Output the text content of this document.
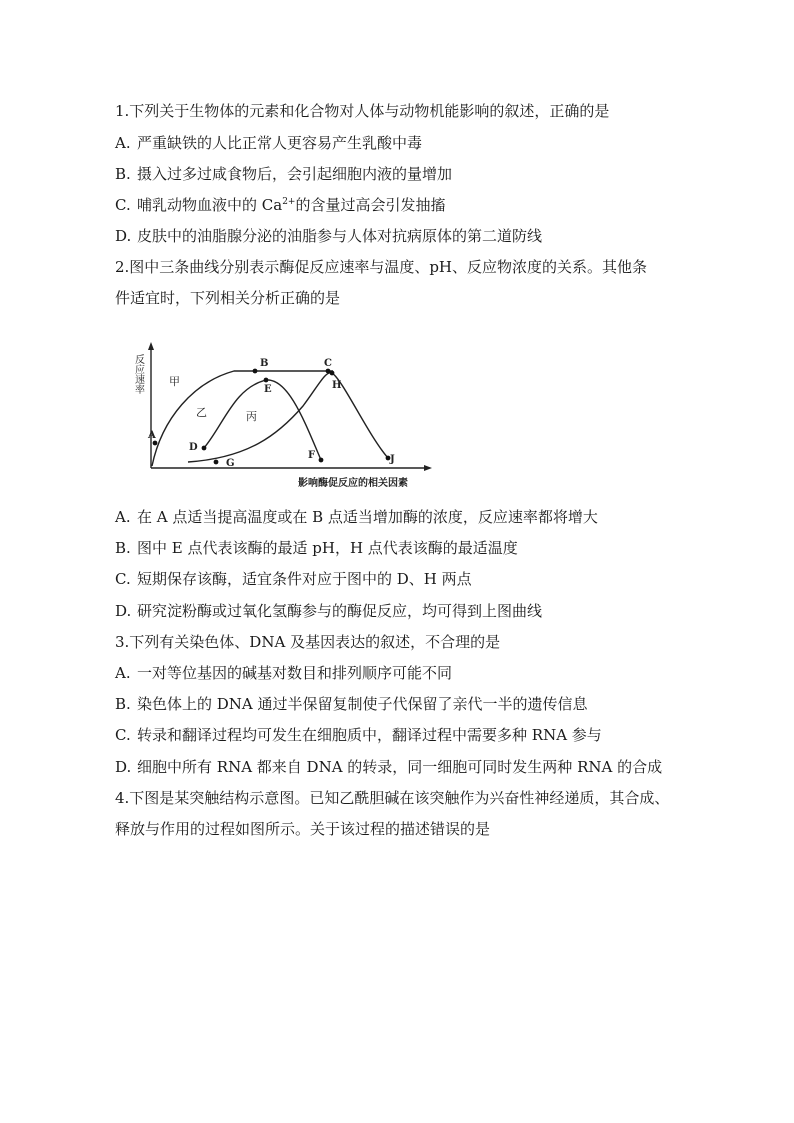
1.下列关于生物体的元素和化合物对人体与动物机能影响的叙述，正确的是
A. 严重缺铁的人比正常人更容易产生乳酸中毒
B. 摄入过多过咸食物后，会引起细胞内液的量增加
C. 哺乳动物血液中的 $Ca^{2+}$的含量过高会引发抽搐
D. 皮肤中的油脂腺分泌的油脂参与人体对抗病原体的第二道防线
2.图中三条曲线分别表示酶促反应速率与温度、pH、反应物浓度的关系。其他条
件适宜时，下列相关分析正确的是
反应速率
影响酶促反应的相关因素
A
B	C
D
E
F
G
H
J
甲
乙	丙
A. 在 A 点适当提高温度或在 B 点适当增加酶的浓度，反应速率都将增大
B. 图中 E 点代表该酶的最适 pH，H 点代表该酶的最适温度
C. 短期保存该酶，适宜条件对应于图中的 D、H 两点
D. 研究淀粉酶或过氧化氢酶参与的酶促反应，均可得到上图曲线
3.下列有关染色体、DNA 及基因表达的叙述，不合理的是
A. 一对等位基因的碱基对数目和排列顺序可能不同
B. 染色体上的 DNA 通过半保留复制使子代保留了亲代一半的遗传信息
C. 转录和翻译过程均可发生在细胞质中，翻译过程中需要多种 RNA 参与
D. 细胞中所有 RNA 都来自 DNA 的转录，同一细胞可同时发生两种 RNA 的合成
4.下图是某突触结构示意图。已知乙酰胆碱在该突触作为兴奋性神经递质，其合成、
释放与作用的过程如图所示。关于该过程的描述错误的是
